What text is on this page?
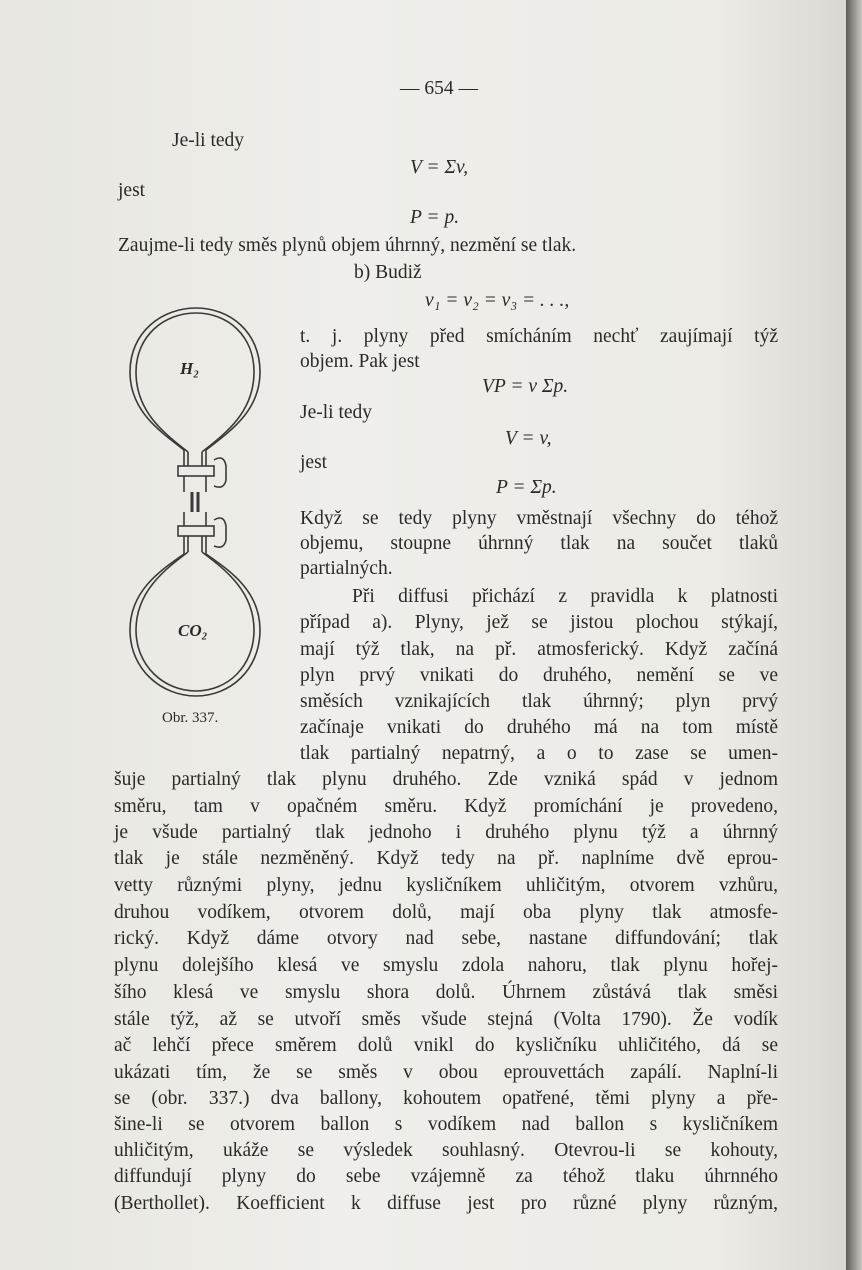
— 654 —
Je-li tedy
V = Σv,
jest
P = p.
Zaujme-li tedy směs plynů objem úhrnný, nezmění se tlak.
b) Budiž
v₁ = v₂ = v₃ = . . .,
t. j. plyny před smícháním nechť zaujímají týž
objem. Pak jest
VP = v Σp.
Je-li tedy
V = v,
jest
P = Σp.
Když se tedy plyny vměstnají všechny do téhož
objemu, stoupne úhrnný tlak na součet tlaků
partialných.
Při diffusi přichází z pravidla k platnosti
případ a). Plyny, jež se jistou plochou stýkají,
mají týž tlak, na př. atmosferický. Když začíná
plyn prvý vnikati do druhého, nemění se ve
směsích vznikajících tlak úhrnný; plyn prvý
začínaje vnikati do druhého má na tom místě
tlak partialný nepatrný, a o to zase se umen-
šuje partialný tlak plynu druhého. Zde vzniká spád v jednom
směru, tam v opačném směru. Když promíchání je provedeno,
je všude partialný tlak jednoho i druhého plynu týž a úhrnný
tlak je stále nezměněný. Když tedy na př. naplníme dvě eprou-
vetty různými plyny, jednu kysličníkem uhličitým, otvorem vzhůru,
druhou vodíkem, otvorem dolů, mají oba plyny tlak atmosfe-
rický. Když dáme otvory nad sebe, nastane diffundování; tlak
plynu dolejšího klesá ve smyslu zdola nahoru, tlak plynu hořej-
šího klesá ve smyslu shora dolů. Úhrnem zůstává tlak směsi
stále týž, až se utvoří směs všude stejná (Volta 1790). Že vodík
ač lehčí přece směrem dolů vnikl do kysličníku uhličitého, dá se
ukázati tím, že se směs v obou eprouvettách zapálí. Naplní-li
se (obr. 337.) dva ballony, kohoutem opatřené, těmi plyny a pře-
šine-li se otvorem ballon s vodíkem nad ballon s kysličníkem
uhličitým, ukáže se výsledek souhlasný. Otevrou-li se kohouty,
diffundují plyny do sebe vzájemně za téhož tlaku úhrnného
(Berthollet). Koefficient k diffuse jest pro různé plyny různým,
H₂
CO₂
Obr. 337.
